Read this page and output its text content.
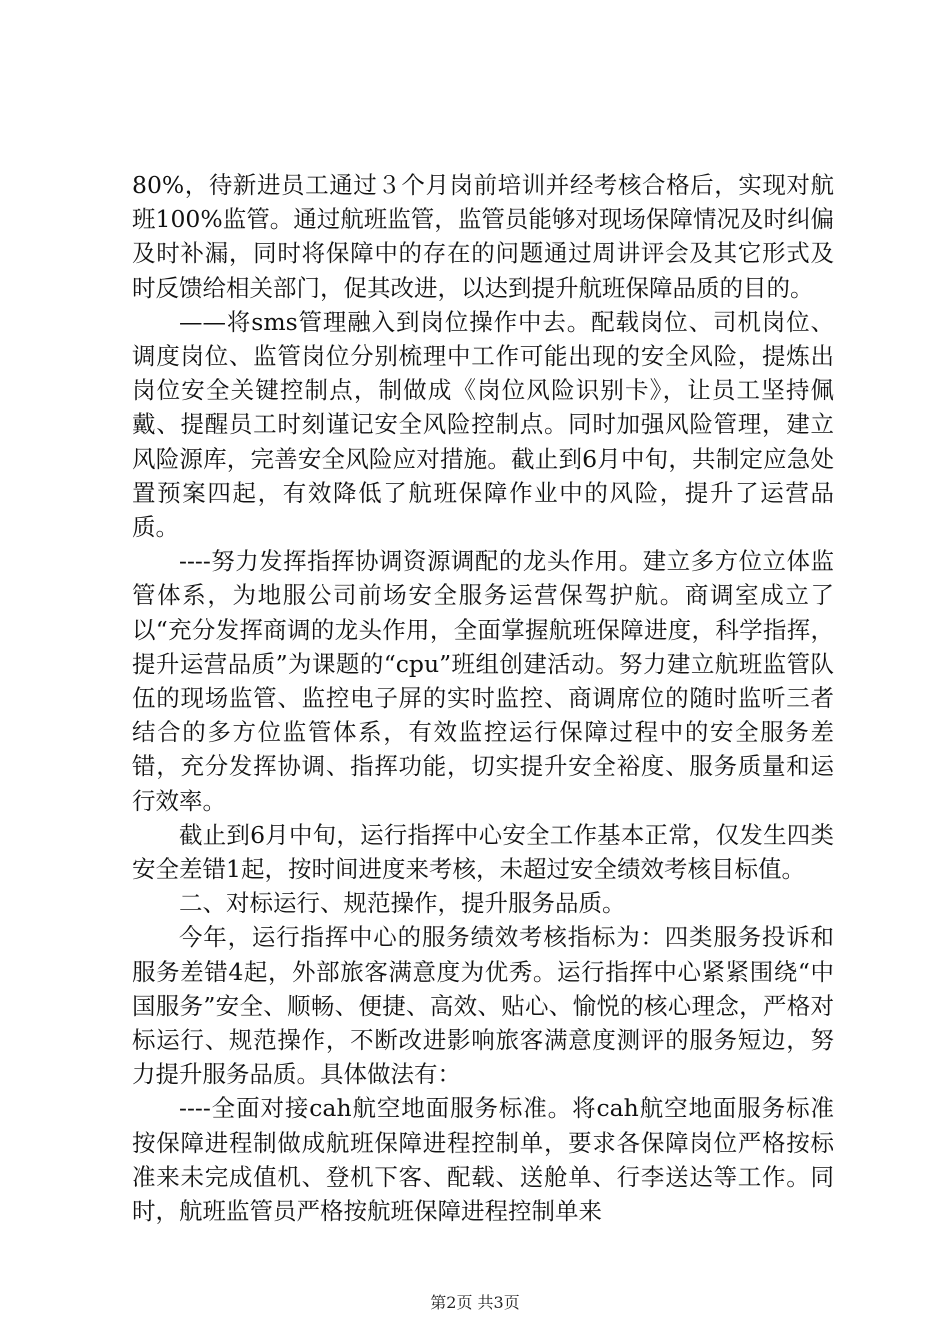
80%，待新进员工通过３个月岗前培训并经考核合格后，实现对航班100%监管。通过航班监管，监管员能够对现场保障情况及时纠偏及时补漏，同时将保障中的存在的问题通过周讲评会及其它形式及时反馈给相关部门，促其改进，以达到提升航班保障品质的目的。

——将sms管理融入到岗位操作中去。配载岗位、司机岗位、调度岗位、监管岗位分别梳理中工作可能出现的安全风险，提炼出岗位安全关键控制点，制做成《岗位风险识别卡》，让员工坚持佩戴、提醒员工时刻谨记安全风险控制点。同时加强风险管理，建立风险源库，完善安全风险应对措施。截止到6月中旬，共制定应急处置预案四起，有效降低了航班保障作业中的风险，提升了运营品质。

----努力发挥指挥协调资源调配的龙头作用。建立多方位立体监管体系，为地服公司前场安全服务运营保驾护航。商调室成立了以“充分发挥商调的龙头作用，全面掌握航班保障进度，科学指挥，提升运营品质”为课题的“cpu”班组创建活动。努力建立航班监管队伍的现场监管、监控电子屏的实时监控、商调席位的随时监听三者结合的多方位监管体系，有效监控运行保障过程中的安全服务差错，充分发挥协调、指挥功能，切实提升安全裕度、服务质量和运行效率。

截止到6月中旬，运行指挥中心安全工作基本正常，仅发生四类安全差错1起，按时间进度来考核，未超过安全绩效考核目标值。

二、对标运行、规范操作，提升服务品质。

今年，运行指挥中心的服务绩效考核指标为：四类服务投诉和服务差错4起，外部旅客满意度为优秀。运行指挥中心紧紧围绕“中国服务”安全、顺畅、便捷、高效、贴心、愉悦的核心理念，严格对标运行、规范操作，不断改进影响旅客满意度测评的服务短边，努力提升服务品质。具体做法有：

----全面对接cah航空地面服务标准。将cah航空地面服务标准按保障进程制做成航班保障进程控制单，要求各保障岗位严格按标准来未完成值机、登机下客、配载、送舱单、行李送达等工作。同时，航班监管员严格按航班保障进程控制单来

第2页 共3页
